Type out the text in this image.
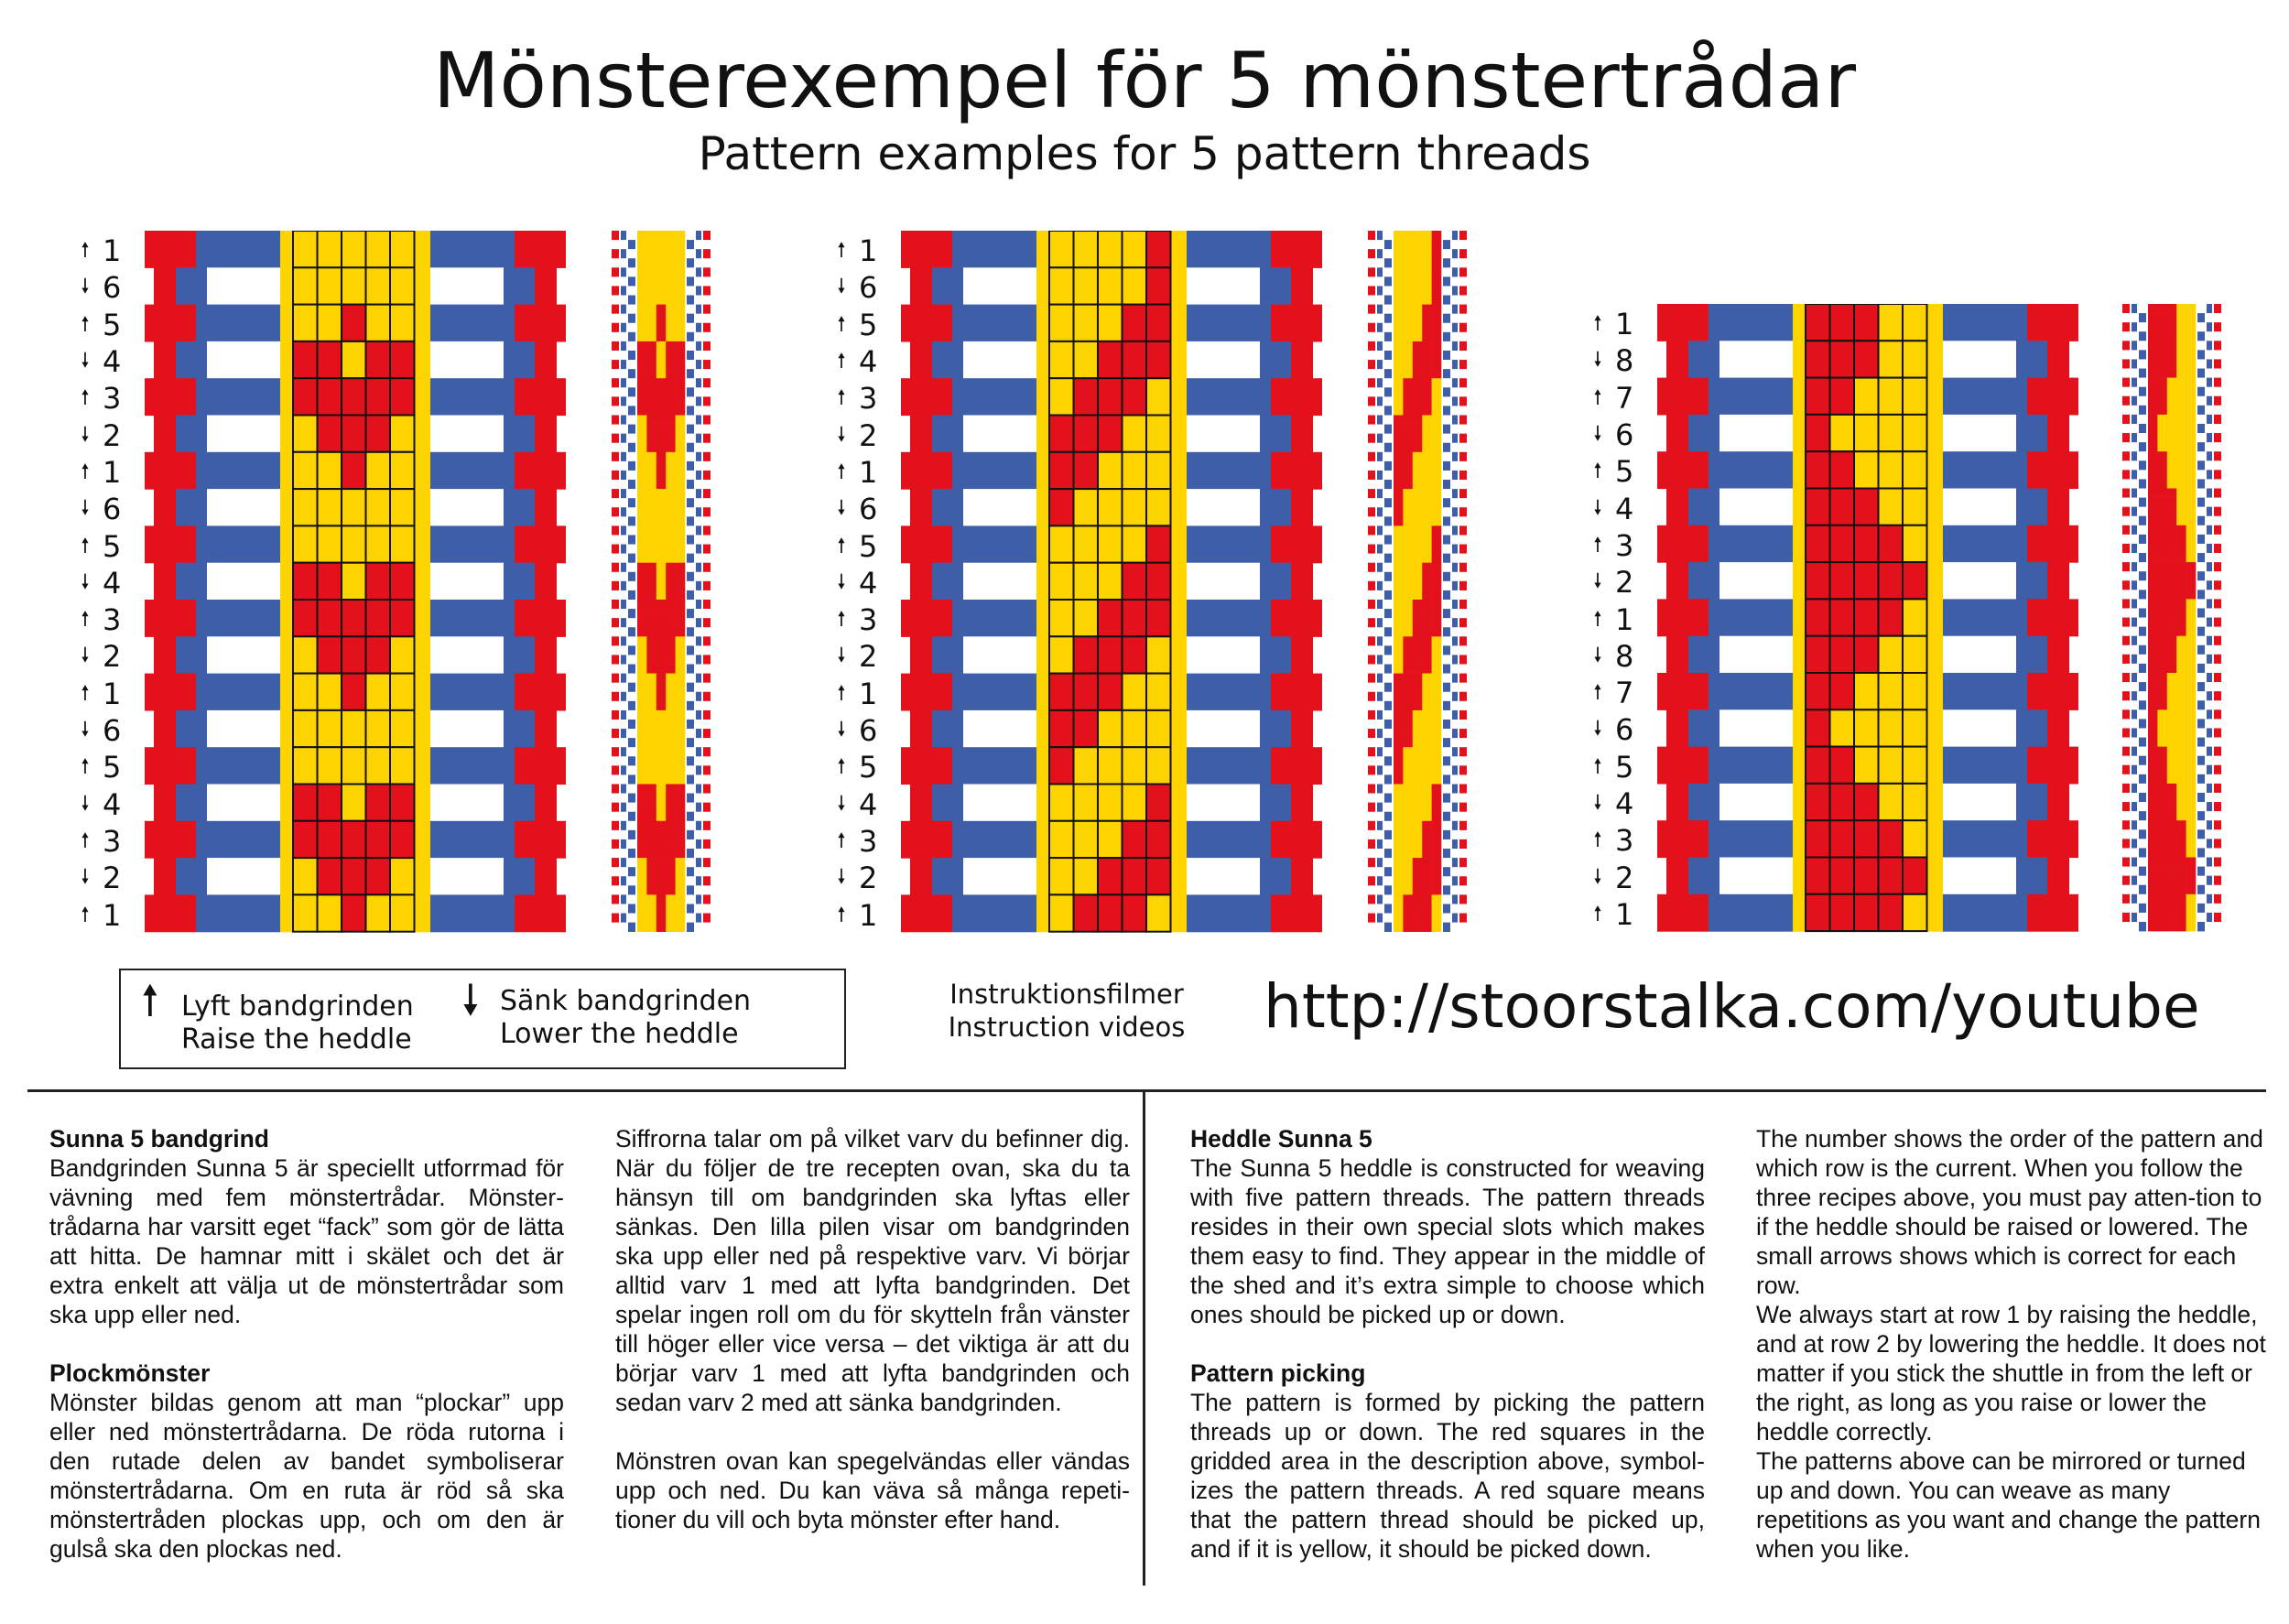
Mönsterexempel för 5 mönstertrådar
Pattern examples for 5 pattern threads
🠕 1
🠗 6
🠕 5
🠗 4
🠕 3
🠗 2
🠕 1
🠗 6
🠕 5
🠗 4
🠕 3
🠗 2
🠕 1
🠗 6
🠕 5
🠗 4
🠕 3
🠗 2
🠕 1
🠕 1
🠗 6
🠕 5
🠕 4
🠕 3
🠗 2
🠕 1
🠗 6
🠕 5
🠗 4
🠕 3
🠗 2
🠕 1
🠗 6
🠕 5
🠗 4
🠕 3
🠗 2
🠕 1
🠕 1
🠗 8
🠕 7
🠗 6
🠕 5
🠗 4
🠕 3
🠗 2
🠕 1
🠗 8
🠕 7
🠗 6
🠕 5
🠗 4
🠕 3
🠗 2
🠕 1
🠕 Lyft bandgrinden
Raise the heddle
🠗 Sänk bandgrinden
Lower the heddle
Instruktionsfilmer
Instruction videos	http://stoorstalka.com/youtube

Sunna 5 bandgrind

Bandgrinden Sunna 5 är speciellt utforrmad för vävning med fem mönstertrådar. Mönster-trådarna har varsitt eget “fack” som gör de lätta att hitta. De hamnar mitt i skälet och det är extra enkelt att välja ut de mönstertrådar som ska upp eller ned.

Plockmönster

Mönster bildas genom att man “plockar” upp eller ned mönstertrådarna. De röda rutorna i den rutade delen av bandet symboliserar mönstertrådarna. Om en ruta är röd så ska mönstertråden plockas upp, och om den är gulså ska den plockas ned.

Siffrorna talar om på vilket varv du befinner dig. När du följer de tre recepten ovan, ska du ta hänsyn till om bandgrinden ska lyftas eller sänkas. Den lilla pilen visar om bandgrinden ska upp eller ned på respektive varv. Vi börjar alltid varv 1 med att lyfta bandgrinden. Det spelar ingen roll om du för skytteln från vänster till höger eller vice versa – det viktiga är att du börjar varv 1 med att lyfta bandgrinden och sedan varv 2 med att sänka bandgrinden.

Mönstren ovan kan spegelvändas eller vändas upp och ned. Du kan väva så många repeti-tioner du vill och byta mönster efter hand.

Heddle Sunna 5

The Sunna 5 heddle is constructed for weaving with five pattern threads. The pattern threads resides in their own special slots which makes them easy to find. They appear in the middle of the shed and it’s extra simple to choose which ones should be picked up or down.

Pattern picking

The pattern is formed by picking the pattern threads up or down. The red squares in the gridded area in the description above, symbol-izes the pattern threads. A red square means that the pattern thread should be picked up, and if it is yellow, it should be picked down.

The number shows the order of the pattern and which row is the current. When you follow the three recipes above, you must pay atten-tion to if the heddle should be raised or lowered. The small arrows shows which is correct for each row.

We always start at row 1 by raising the heddle, and at row 2 by lowering the heddle. It does not matter if you stick the shuttle in from the left or the right, as long as you raise or lower the heddle correctly.

The patterns above can be mirrored or turned up and down. You can weave as many repetitions as you want and change the pattern when you like.
